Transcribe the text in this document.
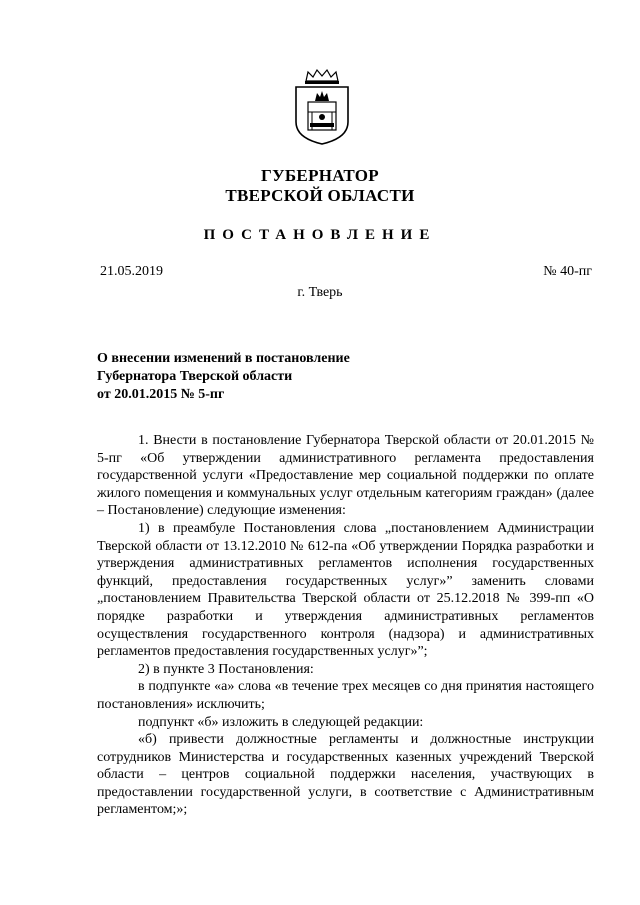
ГУБЕРНАТОР
ТВЕРСКОЙ ОБЛАСТИ
ПОСТАНОВЛЕНИЕ
21.05.2019	№ 40-пг
г. Тверь
О внесении изменений в постановление
Губернатора Тверской области
от 20.01.2015 № 5-пг

1. Внести в постановление Губернатора Тверской области от 20.01.2015 № 5-пг «Об утверждении административного регламента предоставления государственной услуги «Предоставление мер социальной поддержки по оплате жилого помещения и коммунальных услуг отдельным категориям граждан» (далее – Постановление) следующие изменения:

1) в преамбуле Постановления слова „постановлением Администрации Тверской области от 13.12.2010 № 612-па «Об утверждении Порядка разработки и утверждения административных регламентов исполнения государственных функций, предоставления государственных услуг»” заменить словами „постановлением Правительства Тверской области от 25.12.2018 № 399-пп «О порядке разработки и утверждения административных регламентов осуществления государственного контроля (надзора) и административных регламентов предоставления государственных услуг»”;

2) в пункте 3 Постановления:

в подпункте «а» слова «в течение трех месяцев со дня принятия настоящего постановления» исключить;

подпункт «б» изложить в следующей редакции:

«б) привести должностные регламенты и должностные инструкции сотрудников Министерства и государственных казенных учреждений Тверской области – центров социальной поддержки населения, участвующих в предоставлении государственной услуги, в соответствие с Административным регламентом;»;
